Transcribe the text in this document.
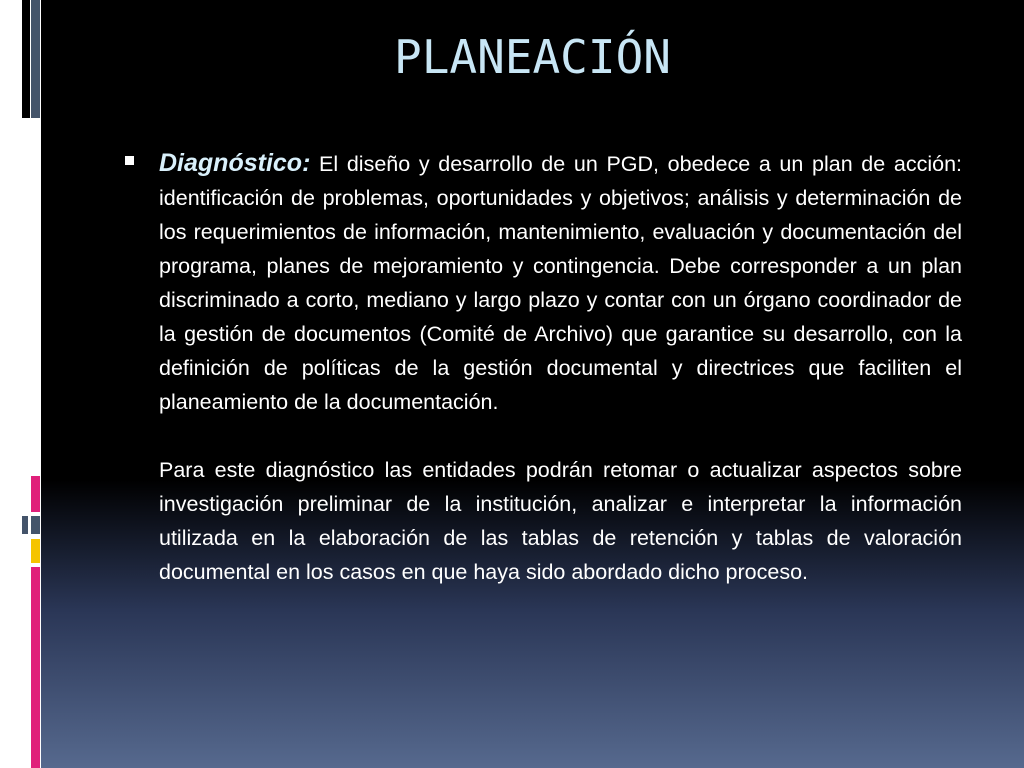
PLANEACIÓN
Diagnóstico: El diseño y desarrollo de un PGD, obedece a un plan de acción: identificación de problemas, oportunidades y objetivos; análisis y determinación de los requerimientos de información, mantenimiento, evaluación y documentación del programa, planes de mejoramiento y contingencia. Debe corresponder a un plan discriminado a corto, mediano y largo plazo y contar con un órgano coordinador de la gestión de documentos (Comité de Archivo) que garantice su desarrollo, con la definición de políticas de la gestión documental y directrices que faciliten el planeamiento de la documentación.
Para este diagnóstico las entidades podrán retomar o actualizar aspectos sobre investigación preliminar de la institución, analizar e interpretar la información utilizada en la elaboración de las tablas de retención y tablas de valoración documental en los casos en que haya sido abordado dicho proceso.
